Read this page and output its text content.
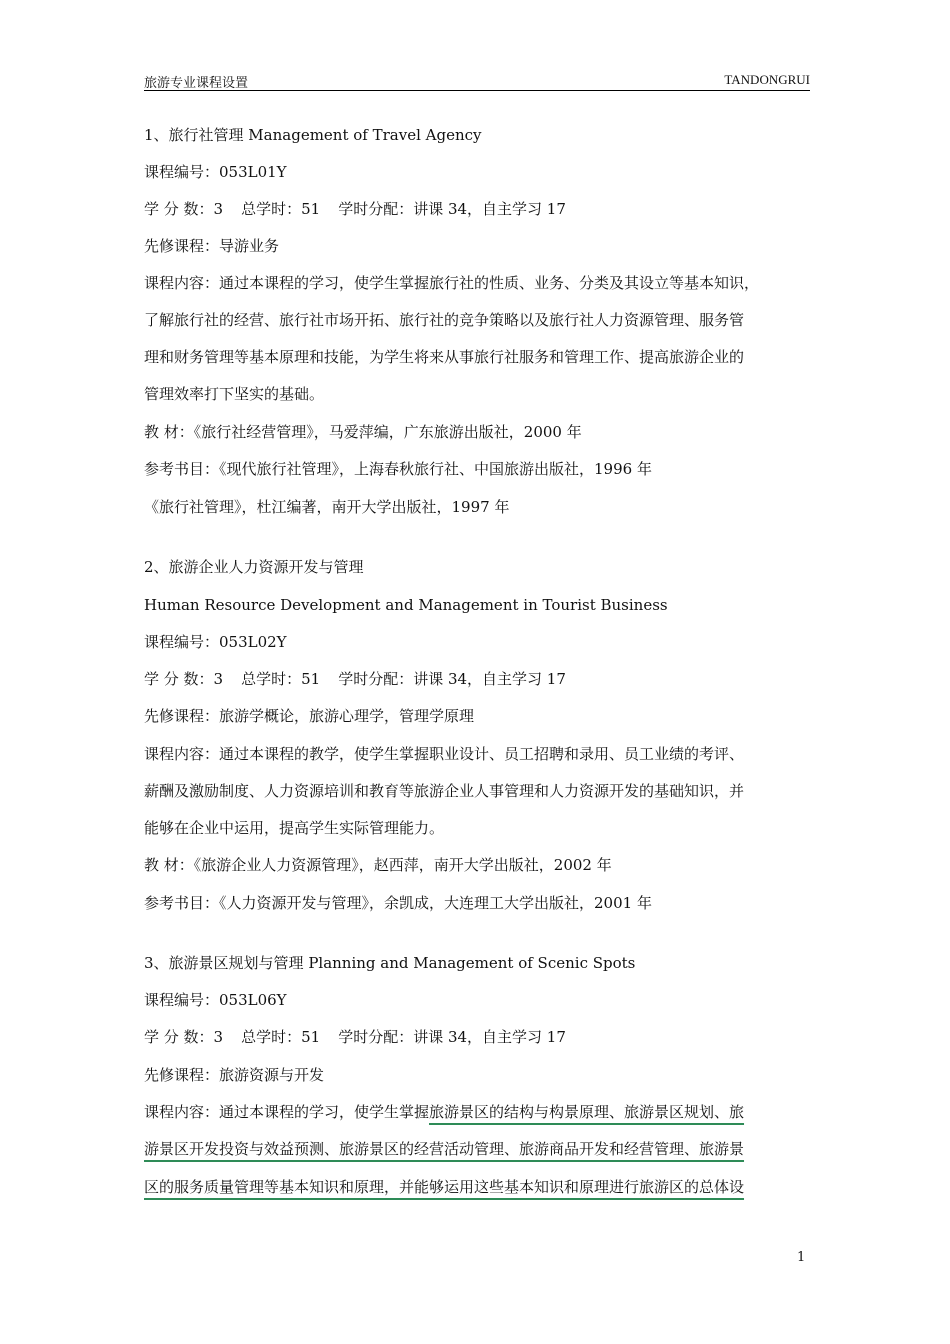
旅游专业课程设置	TANDONGRUI
1、旅行社管理 Management of Travel Agency
课程编号：053L01Y
学 分 数：3 总学时：51 学时分配：讲课 34，自主学习 17
先修课程：导游业务
课程内容：通过本课程的学习，使学生掌握旅行社的性质、业务、分类及其设立等基本知识，
了解旅行社的经营、旅行社市场开拓、旅行社的竞争策略以及旅行社人力资源管理、服务管
理和财务管理等基本原理和技能，为学生将来从事旅行社服务和管理工作、提高旅游企业的
管理效率打下坚实的基础。
教 材：《旅行社经营管理》，马爱萍编，广东旅游出版社，2000 年
参考书目：《现代旅行社管理》，上海春秋旅行社、中国旅游出版社，1996 年
《旅行社管理》，杜江编著，南开大学出版社，1997 年
2、旅游企业人力资源开发与管理
Human Resource Development and Management in Tourist Business
课程编号：053L02Y
学 分 数：3 总学时：51 学时分配：讲课 34，自主学习 17
先修课程：旅游学概论，旅游心理学，管理学原理
课程内容：通过本课程的教学，使学生掌握职业设计、员工招聘和录用、员工业绩的考评、
薪酬及激励制度、人力资源培训和教育等旅游企业人事管理和人力资源开发的基础知识，并
能够在企业中运用，提高学生实际管理能力。
教 材：《旅游企业人力资源管理》，赵西萍，南开大学出版社，2002 年
参考书目：《人力资源开发与管理》，余凯成，大连理工大学出版社，2001 年
3、旅游景区规划与管理 Planning and Management of Scenic Spots
课程编号：053L06Y
学 分 数：3 总学时：51 学时分配：讲课 34，自主学习 17
先修课程：旅游资源与开发
课程内容：通过本课程的学习，使学生掌握旅游景区的结构与构景原理、旅游景区规划、旅
游景区开发投资与效益预测、旅游景区的经营活动管理、旅游商品开发和经营管理、旅游景
区的服务质量管理等基本知识和原理，并能够运用这些基本知识和原理进行旅游区的总体设
1
